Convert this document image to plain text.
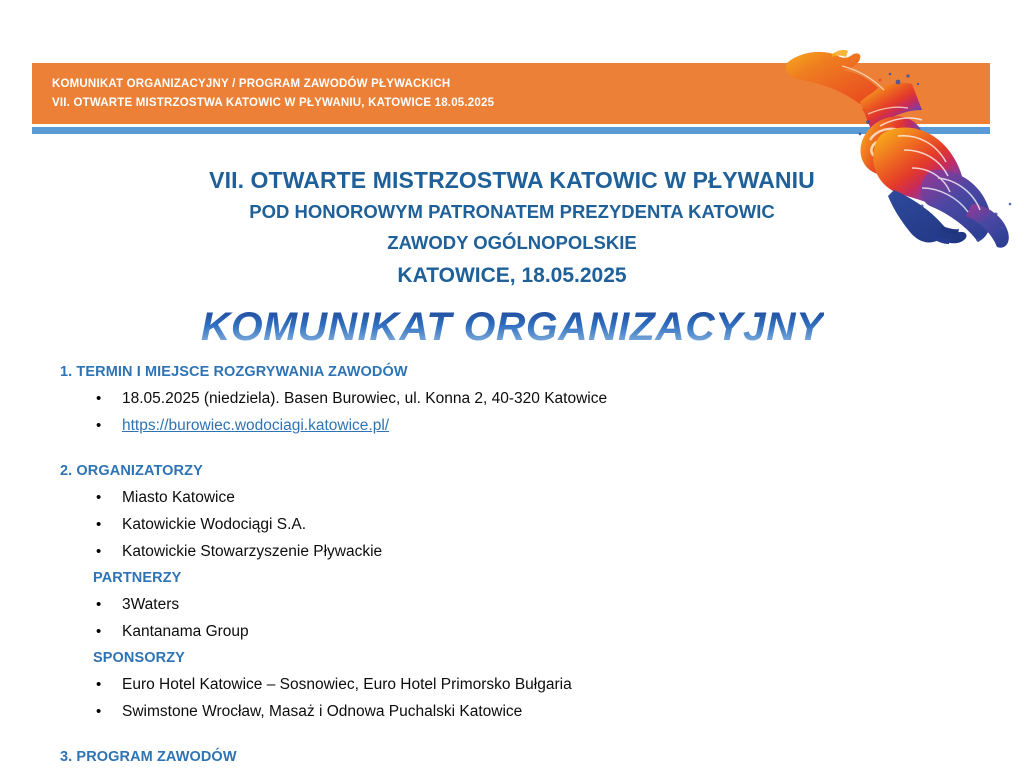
KOMUNIKAT ORGANIZACYJNY / PROGRAM ZAWODÓW PŁYWACKICH
VII. OTWARTE MISTRZOSTWA KATOWIC W PŁYWANIU, KATOWICE 18.05.2025
VII. OTWARTE MISTRZOSTWA KATOWIC W PŁYWANIU
POD HONOROWYM PATRONATEM PREZYDENTA KATOWIC
ZAWODY OGÓLNOPOLSKIE
KATOWICE, 18.05.2025
KOMUNIKAT ORGANIZACYJNY
1. TERMIN I MIEJSCE ROZGRYWANIA ZAWODÓW
•	18.05.2025 (niedziela). Basen Burowiec, ul. Konna 2, 40-320 Katowice
•	https://burowiec.wodociagi.katowice.pl/
2. ORGANIZATORZY
•	Miasto Katowice
•	Katowickie Wodociągi S.A.
•	Katowickie Stowarzyszenie Pływackie
PARTNERZY
•	3Waters
•	Kantanama Group
SPONSORZY
•	Euro Hotel Katowice – Sosnowiec, Euro Hotel Primorsko Bułgaria
•	Swimstone Wrocław, Masaż i Odnowa Puchalski Katowice
3. PROGRAM ZAWODÓW
